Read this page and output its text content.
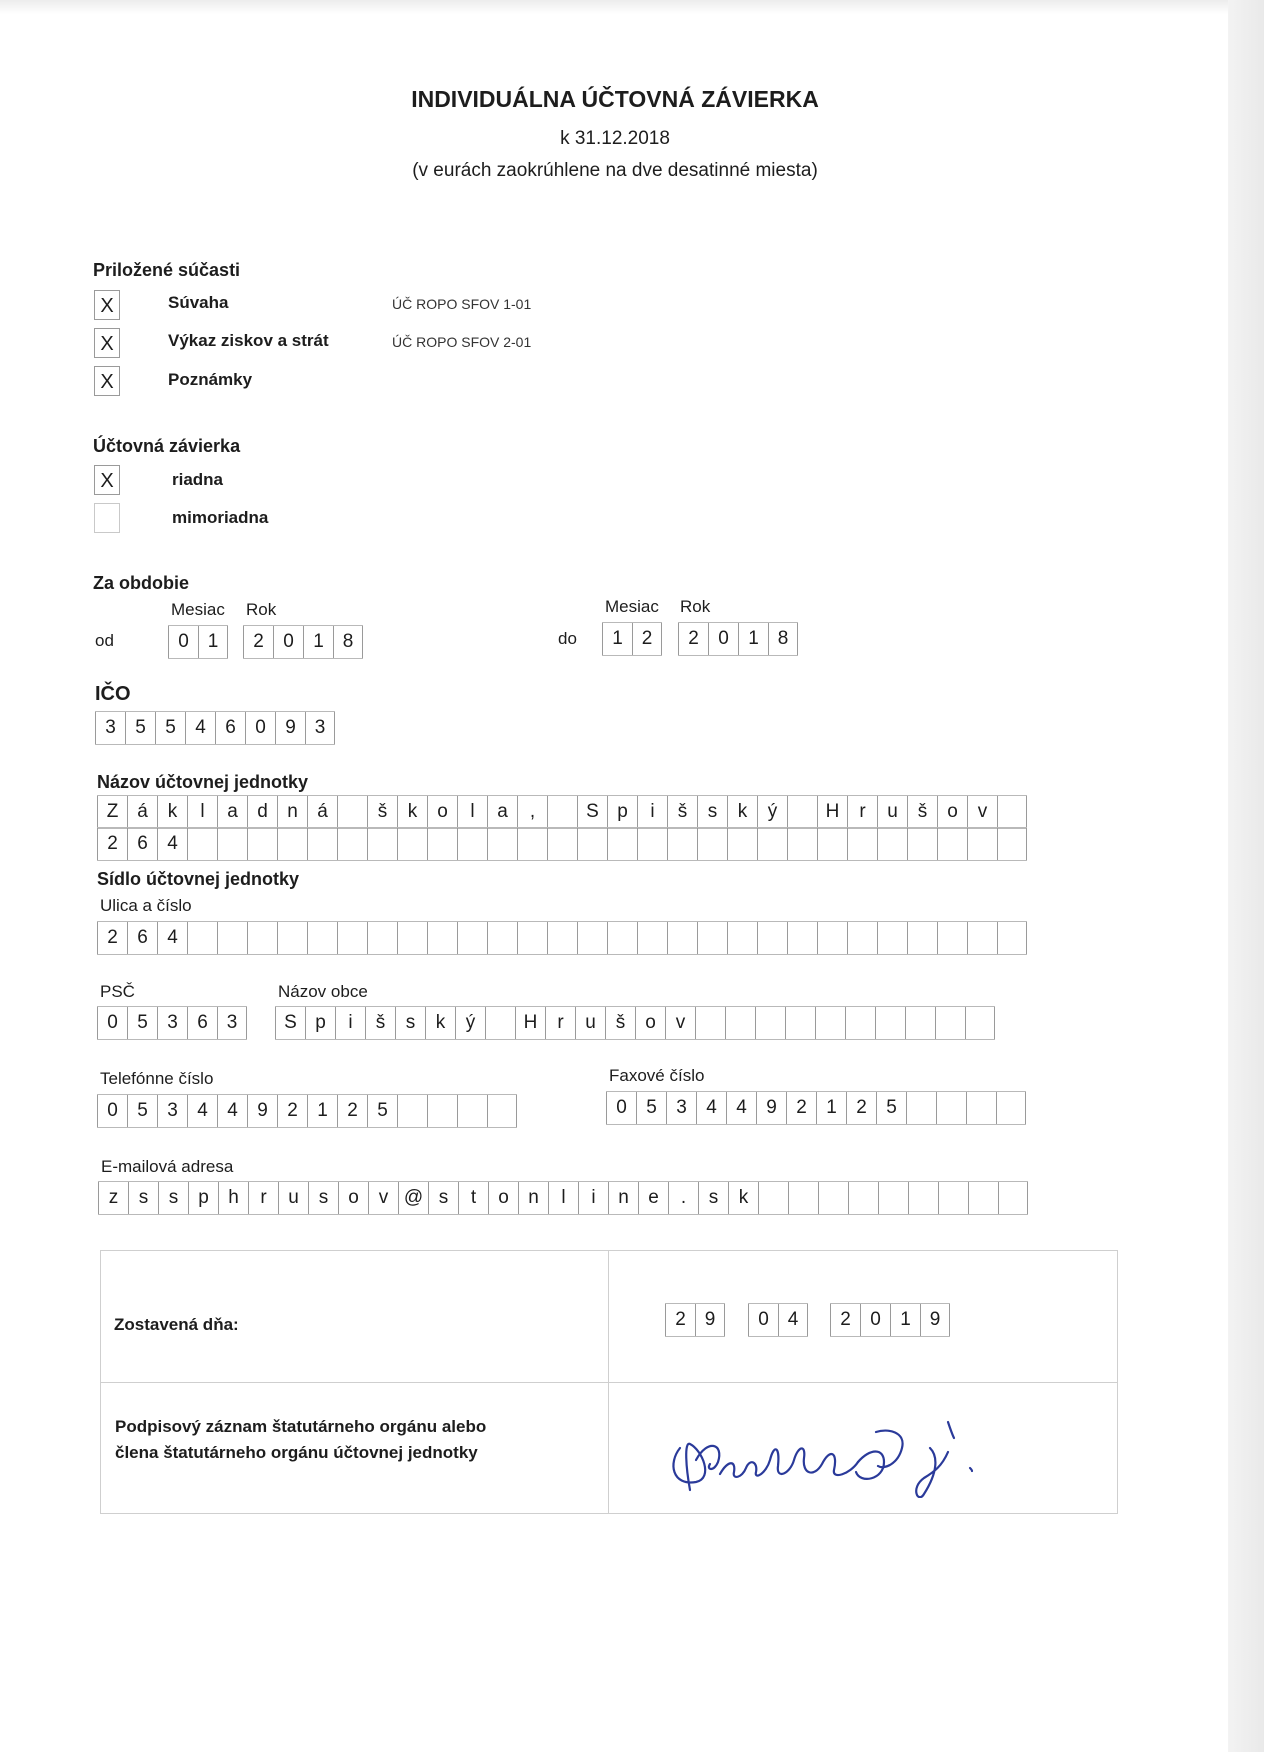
INDIVIDUÁLNA ÚČTOVNÁ ZÁVIERKA
k 31.12.2018
(v eurách zaokrúhlene na dve desatinné miesta)
Priložené súčasti
X	Súvaha	ÚČ ROPO SFOV 1-01
X	Výkaz ziskov a strát	ÚČ ROPO SFOV 2-01
X	Poznámky
Účtovná závierka
X	riadna
mimoriadna
Za obdobie
Mesiac Rok
od	0 1	2	0	1 8
Mesiac Rok
do	1 2	2	0	1 8
IČO
3	5	5	4	6	0	9 3
Názov účtovnej jednotky
Z á	k	l	a	d	n	á	š	k	o	l	a	,	S p	i	š	s	k	ý	H	r	u	š	o	v
2	6	4
Sídlo účtovnej jednotky
Ulica a číslo
2	6	4
PSČ	Názov obce
0	5	3	6 3	S p	i	š	s	k	ý	H	r	u	š	o	v
Telefónne číslo
0	5	3	4	4	9	2	1	2	5
Faxové číslo
0	5	3	4	4	9	2	1	2	5
E-mailová adresa
z	s	s	p	h	r	u	s	o	v @ s	t	o	n	l	i	n	e	.	s	k
Zostavená dňa:	2 9	0 4	2	0	1 9
Podpisový záznam štatutárneho orgánu alebo
člena štatutárneho orgánu účtovnej jednotky
